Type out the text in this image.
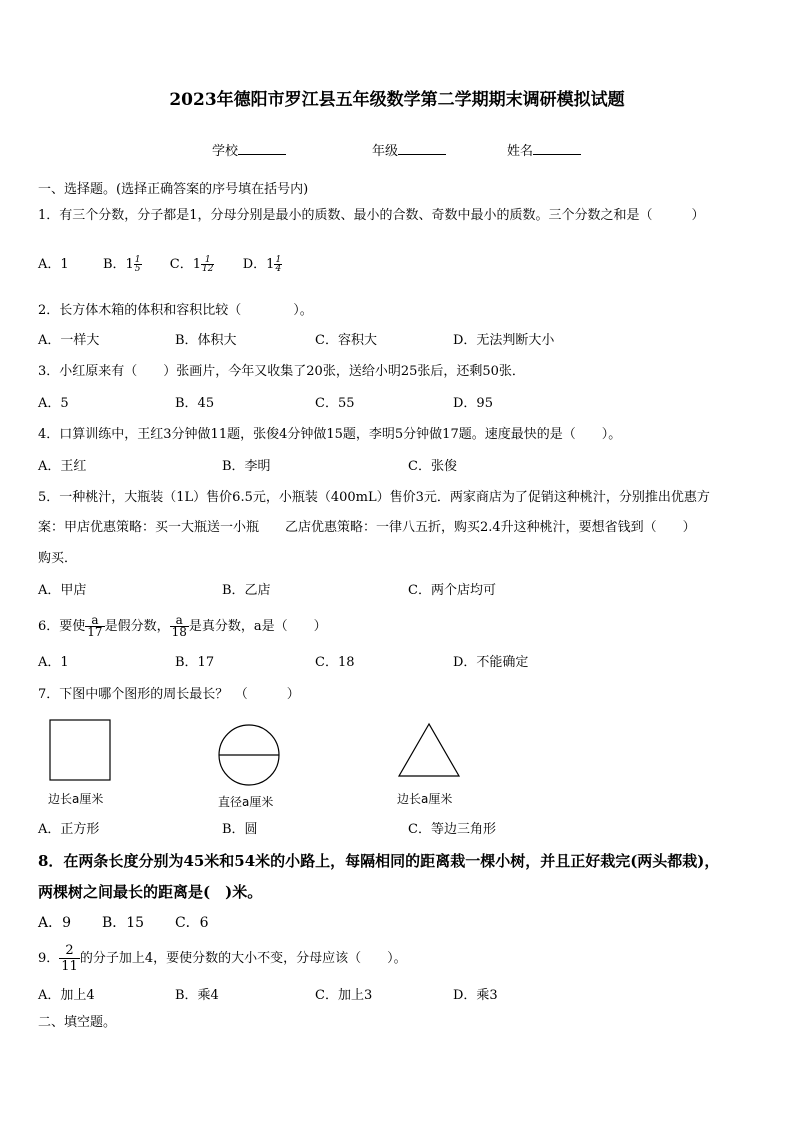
2023年德阳市罗江县五年级数学第二学期期末调研模拟试题
学校	年级	姓名
一、选择题。(选择正确答案的序号填在括号内)
1．有三个分数，分子都是1，分母分别是最小的质数、最小的合数、奇数中最小的质数。三个分数之和是（　　　）
A．1	B．$1 \frac{1}{5}$ C．$1 \frac{1}{12}$ D．$1 \frac{1}{4}$
2．长方体木箱的体积和容积比较（　　　　）。
A．一样大	B．体积大	C．容积大	D．无法判断大小
3．小红原来有（　　）张画片，今年又收集了20张，送给小明25张后，还剩50张．
A．5	B．45	C．55	D．95
4．口算训练中，王红3分钟做11题，张俊4分钟做15题，李明5分钟做17题。速度最快的是（　　）。
A．王红	B．李明	C．张俊
5．一种桃汁，大瓶装（1L）售价6.5元，小瓶装（400mL）售价3元．两家商店为了促销这种桃汁，分别推出优惠方
案：甲店优惠策略：买一大瓶送一小瓶　　乙店优惠策略：一律八五折，购买2.4升这种桃汁，要想省钱到（　　）
购买．
A．甲店	B．乙店	C．两个店均可
6．要使 $\frac{a}{17}$ 是假分数， $\frac{a}{18}$ 是真分数，a是（　　）
A．1	B．17	C．18	D．不能确定
7．下图中哪个图形的周长最长？　（　　　）
边长a厘米	直径a厘米	边长a厘米
A．正方形	B．圆	C．等边三角形
8．在两条长度分别为45米和54米的小路上，每隔相同的距离栽一棵小树，并且正好栽完(两头都栽)，
两棵树之间最长的距离是(　)米。
A．9 B．15 C．6
9． $\frac{2}{11}$ 的分子加上4，要使分数的大小不变，分母应该（　　）。
A．加上4	B．乘4	C．加上3	D．乘3
二、填空题。
